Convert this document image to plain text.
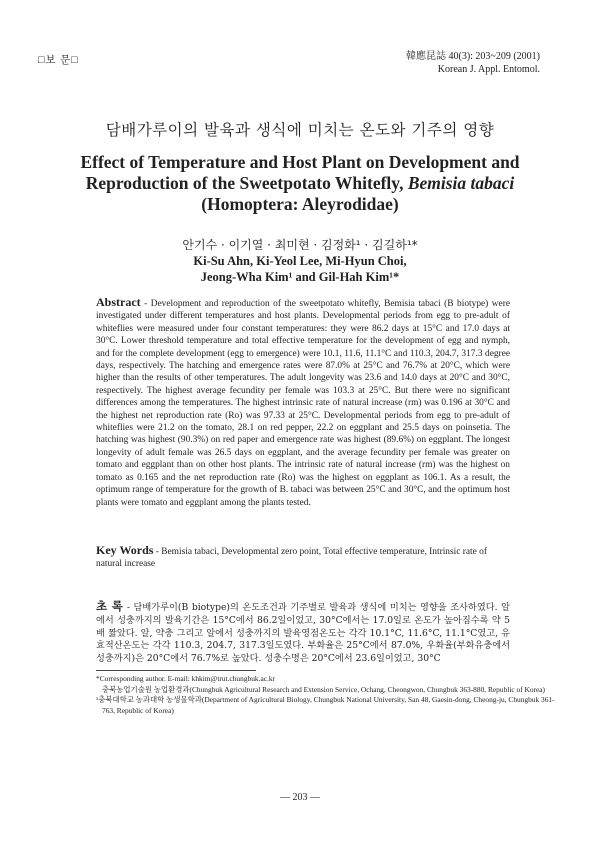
□보 문□	韓應昆誌 40(3): 203~209 (2001)
Korean J. Appl. Entomol.
담배가루이의 발육과 생식에 미치는 온도와 기주의 영향
Effect of Temperature and Host Plant on Development and
Reproduction of the Sweetpotato Whitefly, Bemisia tabaci
(Homoptera: Aleyrodidae)
안기수 · 이기열 · 최미현 · 김정화¹ · 김길하¹*
Ki-Su Ahn, Ki-Yeol Lee, Mi-Hyun Choi,
Jeong-Wha Kim¹ and Gil-Hah Kim¹*
Abstract - Development and reproduction of the sweetpotato whitefly, Bemisia tabaci (B biotype) were investigated under different temperatures and host plants. Developmental periods from egg to pre-adult of whiteflies were measured under four constant temperatures: they were 86.2 days at 15°C and 17.0 days at 30°C. Lower threshold temperature and total effective temperature for the development of egg and nymph, and for the complete development (egg to emergence) were 10.1, 11.6, 11.1°C and 110.3, 204.7, 317.3 degree days, respectively. The hatching and emergence rates were 87.0% at 25°C and 76.7% at 20°C, which were higher than the results of other temperatures. The adult longevity was 23.6 and 14.0 days at 20°C and 30°C, respectively. The highest average fecundity per female was 103.3 at 25°C. But there were no significant differences among the temperatures. The highest intrinsic rate of natural increase (rm) was 0.196 at 30°C and the highest net reproduction rate (Ro) was 97.33 at 25°C. Developmental periods from egg to pre-adult of whiteflies were 21.2 on the tomato, 28.1 on red pepper, 22.2 on eggplant and 25.5 days on poinsetia. The hatching was highest (90.3%) on red paper and emergence rate was highest (89.6%) on eggplant. The longest longevity of adult female was 26.5 days on eggplant, and the average fecundity per female was greater on tomato and eggplant than on other host plants. The intrinsic rate of natural increase (rm) was the highest on tomato as 0.165 and the net reproduction rate (Ro) was the highest on eggplant as 106.1. As a result, the optimum range of temperature for the growth of B. tabaci was between 25°C and 30°C, and the optimum host plants were tomato and eggplant among the plants tested.
Key Words - Bemisia tabaci, Developmental zero point, Total effective temperature, Intrinsic rate of natural increase
초 록 - 담배가루이(B biotype)의 온도조건과 기주별로 발육과 생식에 미치는 영향을 조사하였다. 알에서 성충까지의 발육기간은 15°C에서 86.2일이었고, 30°C에서는 17.0일로 온도가 높아짐수록 약 5배 짧았다. 알, 약충 그리고 알에서 성충까지의 발육영점온도는 각각 10.1°C, 11.6°C, 11.1°C였고, 유효적산온도는 각각 110.3, 204.7, 317.3일도였다. 부화율은 25°C에서 87.0%, 우화율(부화유충에서 성충까지)은 20°C에서 76.7%로 높았다. 성충수명은 20°C에서 23.6일이었고, 30°C
*Corresponding author. E-mail: khkim@trut.chungbuk.ac.kr
충북농업기술원 농업환경과(Chungbuk Agricultural Research and Extension Service, Ochang, Cheongwon, Chungbuk 363-880, Republic of Korea)
¹충북대학교 농과대학 농생물학과(Department of Agricultural Biology, Chungbuk National University, San 48, Gaesin-dong, Cheong-ju, Chungbuk 361-
763, Republic of Korea)
— 203 —
